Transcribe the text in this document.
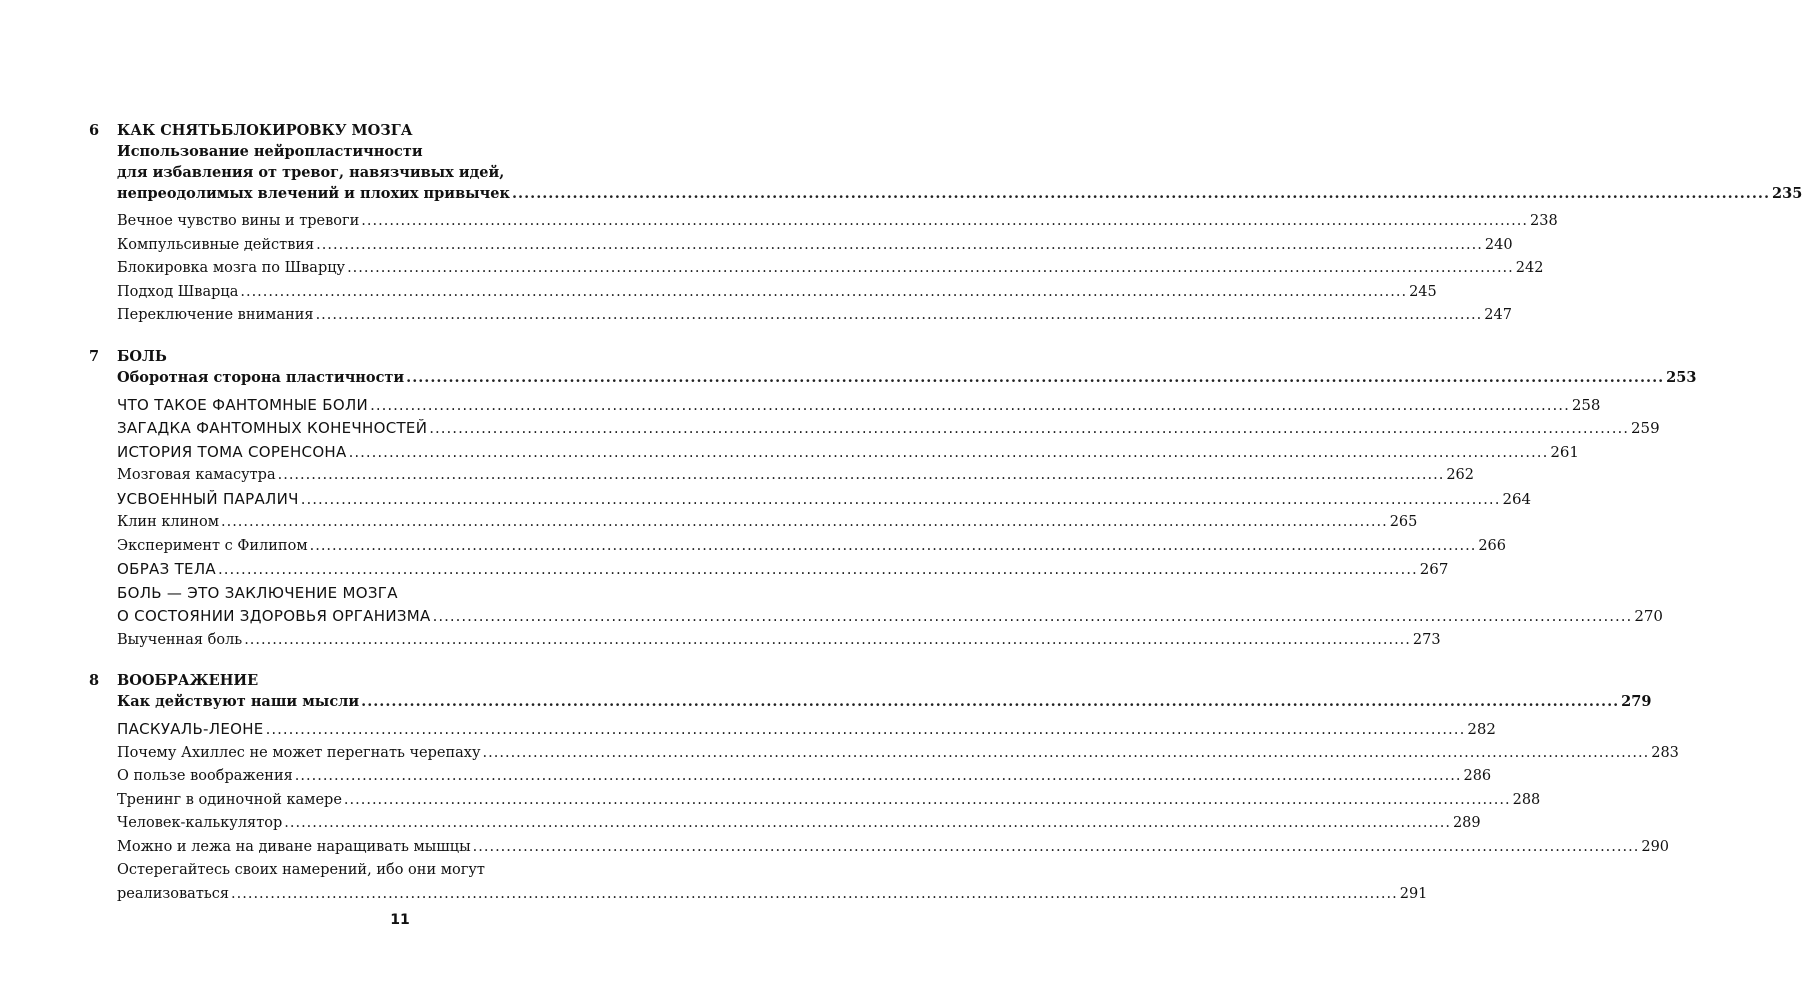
6	КАК СНЯТЬБЛОКИРОВКУ МОЗГА
Использование нейропластичности
для избавления от тревог, навязчивых идей,
непреодолимых влечений и плохих привычек .....	235
Вечное чувство вины и тревоги .....	238
Компульсивные действия .....	240
Блокировка мозга по Шварцу .....	242
Подход Шварца .....	245
Переключение внимания .....	247
7	БОЛЬ
Оборотная сторона пластичности .....	253
ЧТО ТАКОЕ ФАНТОМНЫЕ БОЛИ .....	258
ЗАГАДКА ФАНТОМНЫХ КОНЕЧНОСТЕЙ .....	259
ИСТОРИЯ ТОМА СОРЕНСОНА .....	261
Мозговая камасутра .....	262
УСВОЕННЫЙ ПАРАЛИЧ .....	264
Клин клином .....	265
Эксперимент с Филипом .....	266
ОБРАЗ ТЕЛА .....	267
БОЛЬ — ЭТО ЗАКЛЮЧЕНИЕ МОЗГА
О СОСТОЯНИИ ЗДОРОВЬЯ ОРГАНИЗМА .....	270
Выученная боль .....	273
8	ВООБРАЖЕНИЕ
Как действуют наши мысли .....	279
ПАСКУАЛЬ-ЛЕОНЕ .....	282
Почему Ахиллес не может перегнать черепаху .....	283
О пользе воображения .....	286
Тренинг в одиночной камере .....	288
Человек-калькулятор .....	289
Можно и лежа на диване наращивать мышцы .....	290
Остерегайтесь своих намерений, ибо они могут
реализоваться .....	291
11
